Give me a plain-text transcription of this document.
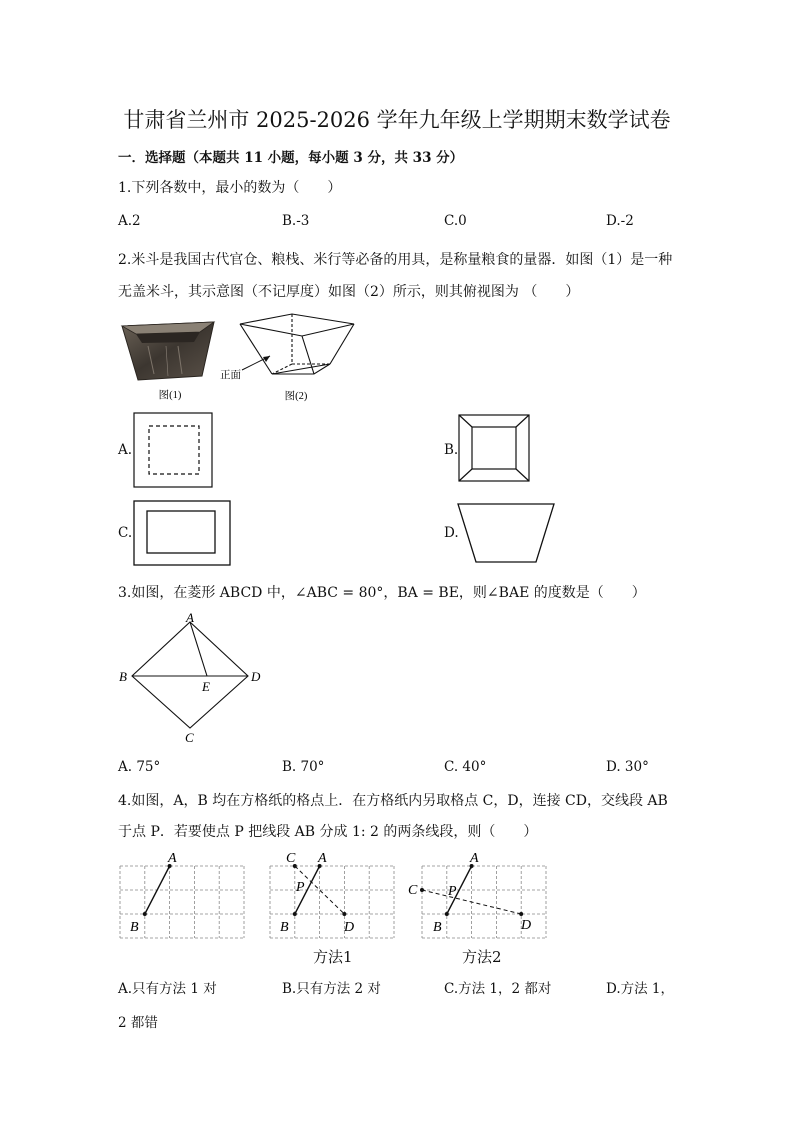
甘肃省兰州市 2025-2026 学年九年级上学期期末数学试卷
一．选择题（本题共 11 小题，每小题 3 分，共 33 分）
1.下列各数中，最小的数为（　　）
A.2	B.-3	C.0	D.-2
2.米斗是我国古代官仓、粮栈、米行等必备的用具，是称量粮食的量器．如图（1）是一种
无盖米斗，其示意图（不记厚度）如图（2）所示，则其俯视图为 （　　）
图(1)
正面
图(2)
A.	B.
C.	D.
3.如图，在菱形 ABCD 中，∠ABC = 80°，BA = BE，则∠BAE 的度数是（　　）
A
B
C
D
E
A. 75°	B. 70°	C. 40°	D. 30°
4.如图，A，B 均在方格纸的格点上．在方格纸内另取格点 C，D，连接 CD，交线段 AB
于点 P．若要使点 P 把线段 AB 分成 1: 2 的两条线段，则（　　）
A
B
C A
P
B	D
C
A
P
B	D
方法1	方法2
A.只有方法 1 对	B.只有方法 2 对	C.方法 1，2 都对	D.方法 1，
2 都错
